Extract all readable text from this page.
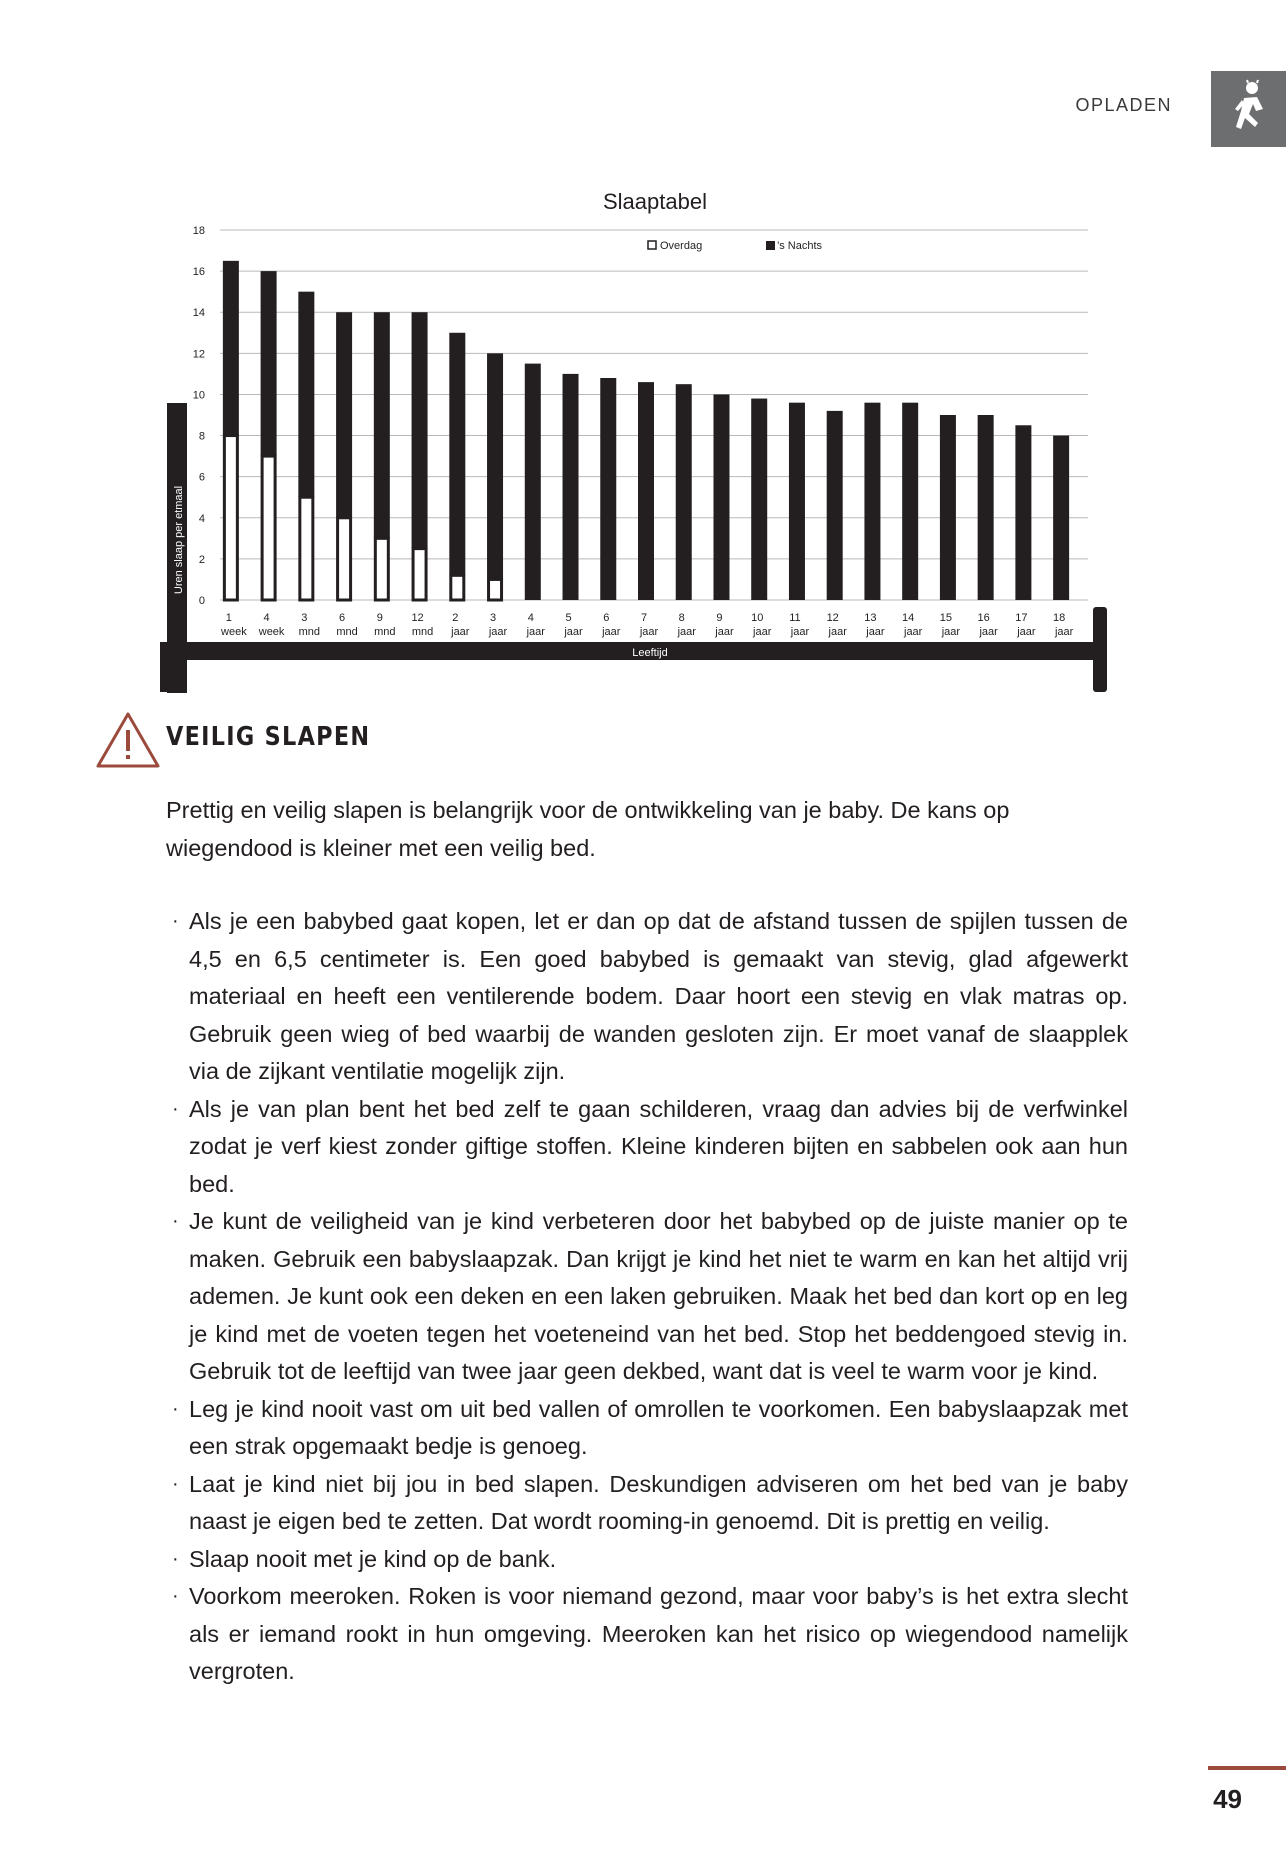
OPLADEN
Slaaptabel
0
2
4
6
8
10
12
14
16
18
Uren slaap per etmaal
1
week
4
week
3
mnd
6
mnd
9
mnd
12
mnd
2
jaar
3
jaar
4
jaar
5
jaar
6
jaar
7
jaar
8
jaar
9
jaar
10
jaar
11
jaar
12
jaar
13
jaar
14
jaar
15
jaar
16
jaar
17
jaar
18
jaar
Overdag	’s Nachts
Leeftijd
VEILIG SLAPEN

Prettig en veilig slapen is belangrijk voor de ontwikkeling van je baby. De kans op wiegendood is kleiner met een veilig bed.

· Als je een babybed gaat kopen, let er dan op dat de afstand tussen de spijlen tussen de 4,5 en 6,5 centimeter is. Een goed babybed is gemaakt van stevig, glad afgewerkt materiaal en heeft een ventilerende bodem. Daar hoort een stevig en vlak matras op. Gebruik geen wieg of bed waarbij de wanden gesloten zijn. Er moet vanaf de slaapplek via de zijkant ventilatie mogelijk zijn.
· Als je van plan bent het bed zelf te gaan schilderen, vraag dan advies bij de verfwinkel zodat je verf kiest zonder giftige stoffen. Kleine kinderen bijten en sabbelen ook aan hun bed.
· Je kunt de veiligheid van je kind verbeteren door het babybed op de juiste manier op te maken. Gebruik een babyslaapzak. Dan krijgt je kind het niet te warm en kan het altijd vrij ademen. Je kunt ook een deken en een laken gebruiken. Maak het bed dan kort op en leg je kind met de voeten tegen het voeteneind van het bed. Stop het beddengoed stevig in. Gebruik tot de leeftijd van twee jaar geen dekbed, want dat is veel te warm voor je kind.
· Leg je kind nooit vast om uit bed vallen of omrollen te voorkomen. Een babyslaapzak met een strak opgemaakt bedje is genoeg.
· Laat je kind niet bij jou in bed slapen. Deskundigen adviseren om het bed van je baby naast je eigen bed te zetten. Dat wordt rooming-in genoemd. Dit is prettig en veilig.
· Slaap nooit met je kind op de bank.
· Voorkom meeroken. Roken is voor niemand gezond, maar voor baby’s is het extra slecht als er iemand rookt in hun omgeving. Meeroken kan het risico op wiegendood namelijk vergroten.
49
